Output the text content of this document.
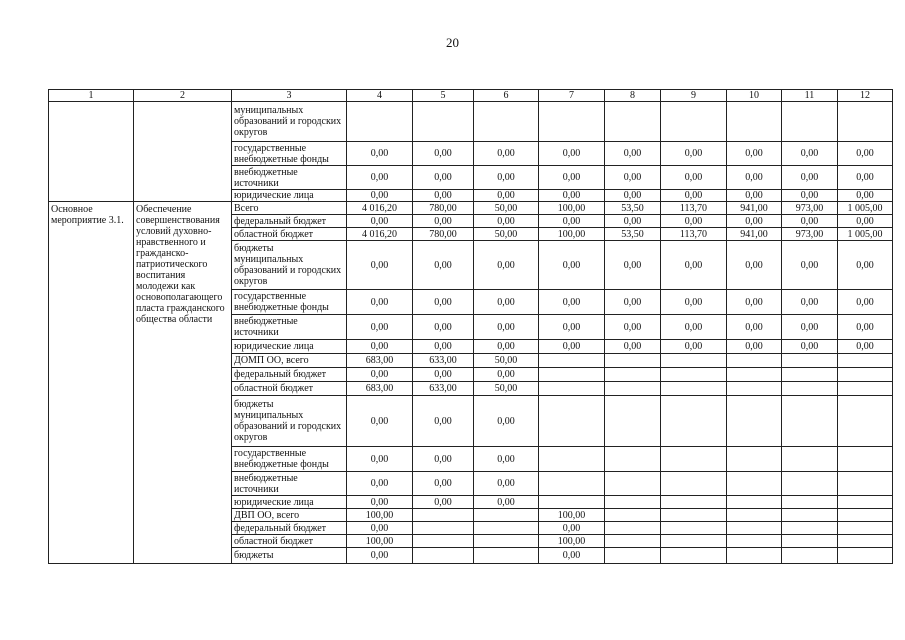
20
1	2	3	4	5	6	7	8	9	10	11	12
		муниципальных образований и городских округов									
		государственные внебюджетные фонды	0,00	0,00	0,00	0,00	0,00	0,00	0,00	0,00	0,00
		внебюджетные источники	0,00	0,00	0,00	0,00	0,00	0,00	0,00	0,00	0,00
		юридические лица	0,00	0,00	0,00	0,00	0,00	0,00	0,00	0,00	0,00
Основное мероприятие 3.1.	Обеспечение совершенствования условий духовно-нравственного и гражданско-патриотического воспитания молодежи как основополагающего пласта гражданского общества области	Всего	4 016,20	780,00	50,00	100,00	53,50	113,70	941,00	973,00	1 005,00
		федеральный бюджет	0,00	0,00	0,00	0,00	0,00	0,00	0,00	0,00	0,00
		областной бюджет	4 016,20	780,00	50,00	100,00	53,50	113,70	941,00	973,00	1 005,00
		бюджеты муниципальных образований и городских округов	0,00	0,00	0,00	0,00	0,00	0,00	0,00	0,00	0,00
		государственные внебюджетные фонды	0,00	0,00	0,00	0,00	0,00	0,00	0,00	0,00	0,00
		внебюджетные источники	0,00	0,00	0,00	0,00	0,00	0,00	0,00	0,00	0,00
		юридические лица	0,00	0,00	0,00	0,00	0,00	0,00	0,00	0,00	0,00
		ДОМП ОО, всего	683,00	633,00	50,00						
		федеральный бюджет	0,00	0,00	0,00						
		областной бюджет	683,00	633,00	50,00						
		бюджеты муниципальных образований и городских округов	0,00	0,00	0,00						
		государственные внебюджетные фонды	0,00	0,00	0,00						
		внебюджетные источники	0,00	0,00	0,00						
		юридические лица	0,00	0,00	0,00						
		ДВП ОО, всего	100,00			100,00					
		федеральный бюджет	0,00			0,00					
		областной бюджет	100,00			100,00					
		бюджеты	0,00			0,00					
